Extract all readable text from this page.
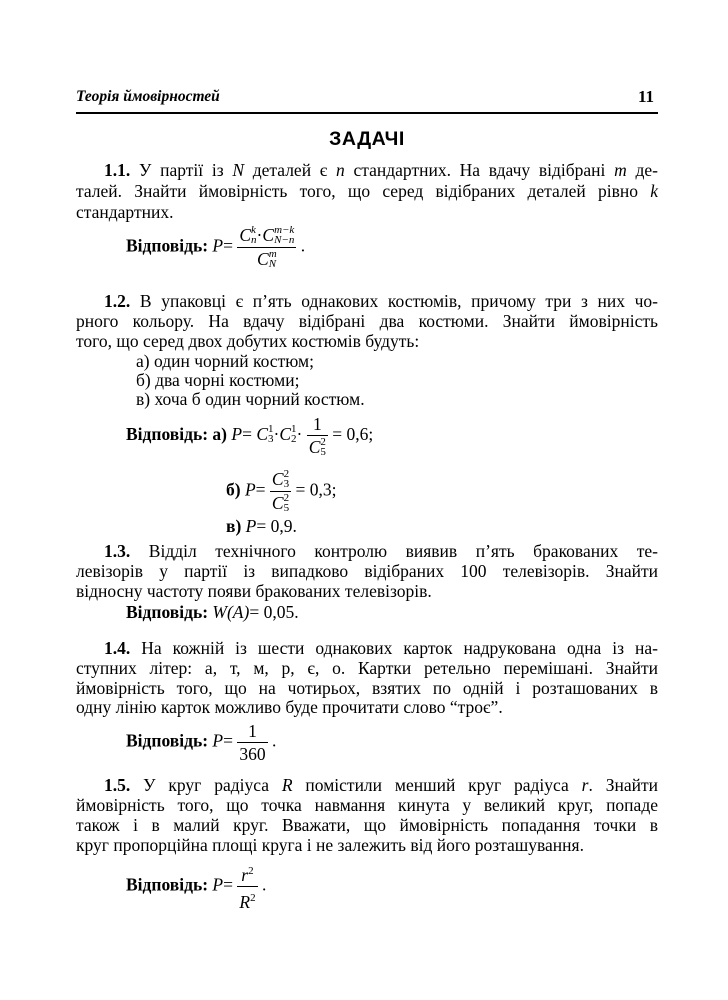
Теорія ймовірностей	11
ЗАДАЧІ
1.1. У партії із N деталей є n стандартних. На вдачу відібрані m де-
талей. Знайти ймовірність того, що серед відібраних деталей рівно k
стандартних.
Відповідь: P= C k
n ·C m−k
N−n
C m
N .
1.2. В упаковці є п’ять однакових костюмів, причому три з них чо-
рного кольору. На вдачу відібрані два костюми. Знайти ймовірність
того, що серед двох добутих костюмів будуть:
а) один чорний костюм;
б) два чорні костюми;
в) хоча б один чорний костюм.
Відповідь: а) P= C 1
3 ·C 1
2 · 1
C 2
5 = 0,6;
б) P= C 2
3
C 2
5 = 0,3;
в) P= 0,9.
1.3. Відділ технічного контролю виявив п’ять бракованих те-
левізорів у партії із випадково відібраних 100 телевізорів. Знайти
відносну частоту появи бракованих телевізорів.
Відповідь: W(A)= 0,05.
1.4. На кожній із шести однакових карток надрукована одна із на-
ступних літер: а, т, м, р, є, о. Картки ретельно перемішані. Знайти
ймовірність того, що на чотирьох, взятих по одній і розташованих в
одну лінію карток можливо буде прочитати слово “троє”.
Відповідь: $P= \frac{1}{360}$ .
1.5. У круг радіуса R помістили менший круг радіуса r. Знайти
ймовірність того, що точка навмання кинута у великий круг, попаде
також і в малий круг. Вважати, що ймовірність попадання точки в
круг пропорційна площі круга і не залежить від його розташування.
Відповідь: $P= \frac{r^2}{R^2}$ .
